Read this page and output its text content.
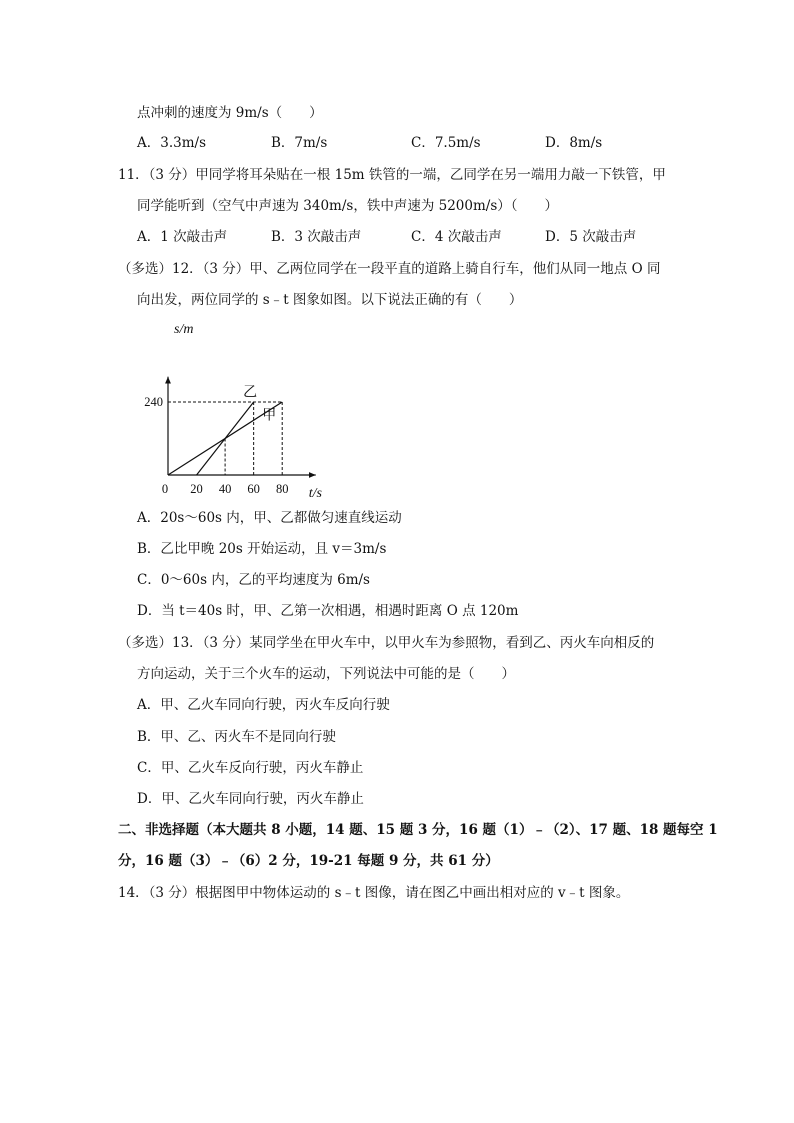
点冲刺的速度为 9m/s（　　）
A．3.3m/s	B．7m/s	C．7.5m/s	D．8m/s
11．（3 分）甲同学将耳朵贴在一根 15m 铁管的一端，乙同学在另一端用力敲一下铁管，甲
同学能听到（空气中声速为 340m/s，铁中声速为 5200m/s）（　　）
A．1 次敲击声	B．3 次敲击声	C．4 次敲击声	D．5 次敲击声
（多选）12．（3 分）甲、乙两位同学在一段平直的道路上骑自行车，他们从同一地点 O 同
向出发，两位同学的 s﹣t 图象如图。以下说法正确的有（　　）
甲
乙
0 20 40 60 80
240
t/s
s/m
A．20s～60s 内，甲、乙都做匀速直线运动
B．乙比甲晚 20s 开始运动，且 v＝3m/s
C．0～60s 内，乙的平均速度为 6m/s
D．当 t＝40s 时，甲、乙第一次相遇，相遇时距离 O 点 120m
（多选）13．（3 分）某同学坐在甲火车中，以甲火车为参照物，看到乙、丙火车向相反的
方向运动，关于三个火车的运动，下列说法中可能的是（　　）
A．甲、乙火车同向行驶，丙火车反向行驶
B．甲、乙、丙火车不是同向行驶
C．甲、乙火车反向行驶，丙火车静止
D．甲、乙火车同向行驶，丙火车静止
二、非选择题（本大题共 8 小题，14 题、15 题 3 分，16 题（1）﹣（2）、17 题、18 题每空 1
分，16 题（3）﹣（6）2 分，19-21 每题 9 分，共 61 分）
14．（3 分）根据图甲中物体运动的 s﹣t 图像，请在图乙中画出相对应的 v﹣t 图象。
